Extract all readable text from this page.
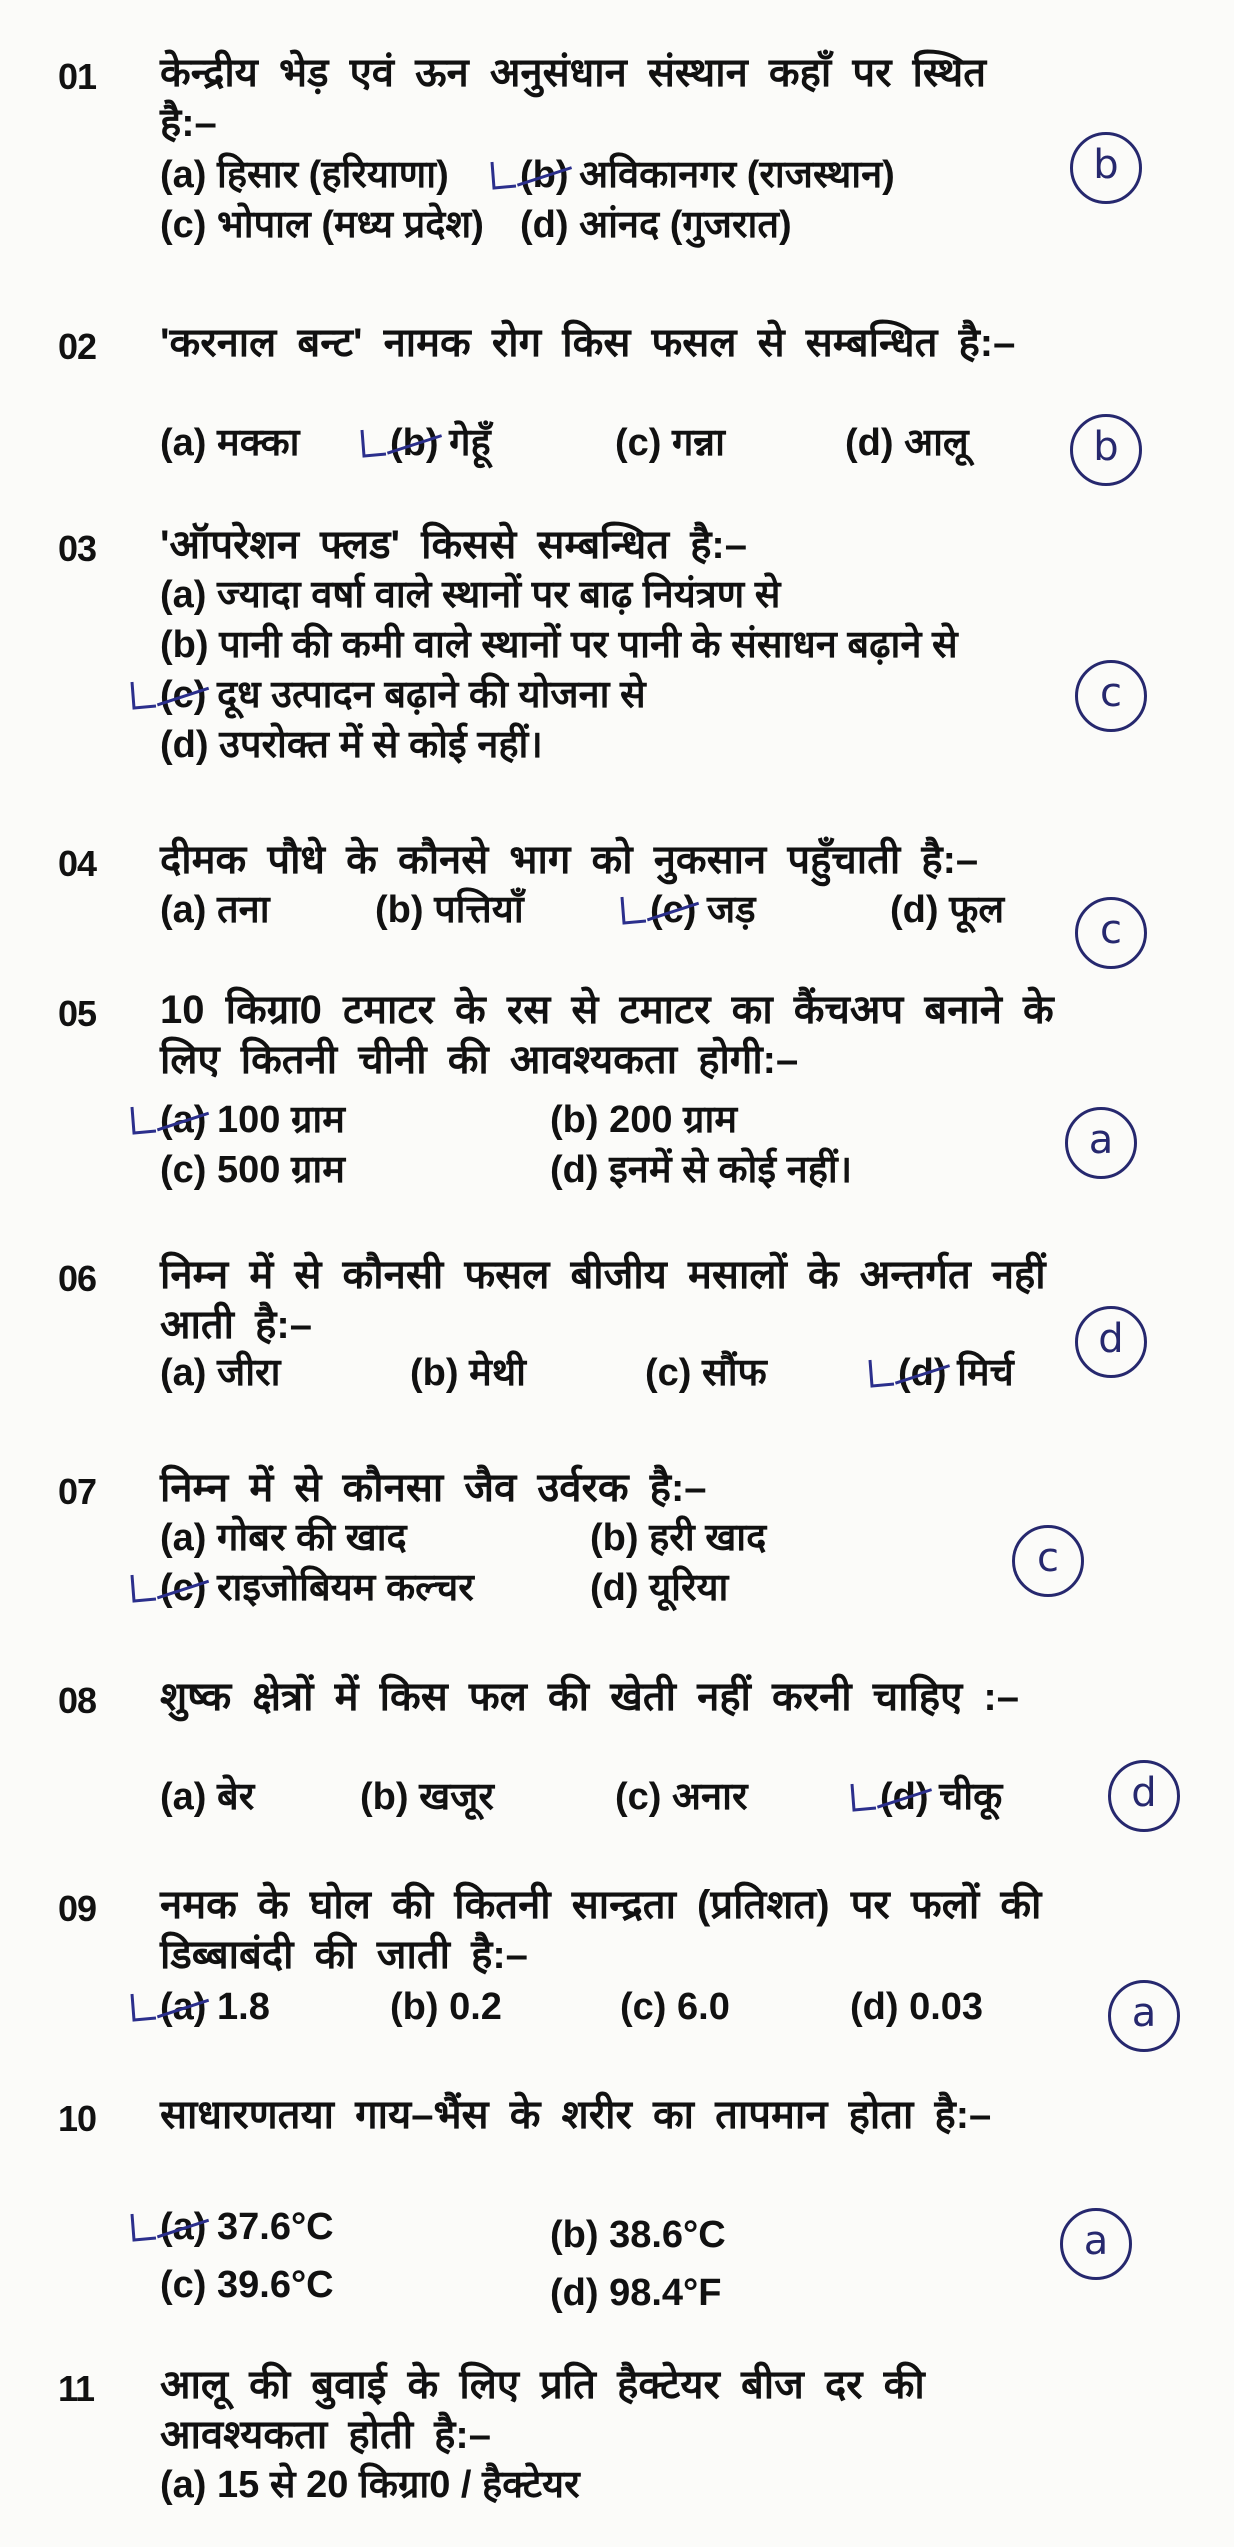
01 केन्द्रीय भेड़ एवं ऊन अनुसंधान संस्थान कहाँ पर स्थित है:–
(a) हिसार (हरियाणा)	(b) अविकानगर (राजस्थान)
(c) भोपाल (मध्य प्रदेश) (d) आंनद (गुजरात)
b
02 'करनाल बन्ट' नामक रोग किस फसल से सम्बन्धित है:–
(a) मक्का	(b) गेहूँ	(c) गन्ना	(d) आलू	b
03 'ऑपरेशन फ्लड' किससे सम्बन्धित है:–
(a) ज्यादा वर्षा वाले स्थानों पर बाढ़ नियंत्रण से
(b) पानी की कमी वाले स्थानों पर पानी के संसाधन बढ़ाने से
(c) दूध उत्पादन बढ़ाने की योजना से
(d) उपरोक्त में से कोई नहीं।
c
04 दीमक पौधे के कौनसे भाग को नुकसान पहुँचाती है:–
(a) तना	(b) पत्तियाँ	(c) जड़	(d) फूल	c
05 10 किग्रा0 टमाटर के रस से टमाटर का कैंचअप बनाने के लिए कितनी चीनी की आवश्यकता होगी:–
(a) 100 ग्राम	(b) 200 ग्राम
(c) 500 ग्राम	(d) इनमें से कोई नहीं।
a
06 निम्न में से कौनसी फसल बीजीय मसालों के अन्तर्गत नहीं आती है:–
(a) जीरा	(b) मेथी	(c) सौंफ	(d) मिर्च
d
07 निम्न में से कौनसा जैव उर्वरक है:–
(a) गोबर की खाद	(b) हरी खाद
(c) राइजोबियम कल्चर	(d) यूरिया
c
08 शुष्क क्षेत्रों में किस फल की खेती नहीं करनी चाहिए :–
(a) बेर	(b) खजूर	(c) अनार	(d) चीकू	d
09 नमक के घोल की कितनी सान्द्रता (प्रतिशत) पर फलों की डिब्बाबंदी की जाती है:–
(a) 1.8	(b) 0.2	(c) 6.0	(d) 0.03	a
10 साधारणतया गाय–भैंस के शरीर का तापमान होता है:–
(a) 37.6°C	(b) 38.6°C
(c) 39.6°C	(d) 98.4°F
a
11 आलू की बुवाई के लिए प्रति हैक्टेयर बीज दर की आवश्यकता होती है:–
(a) 15 से 20 किग्रा0 / हैक्टेयर
